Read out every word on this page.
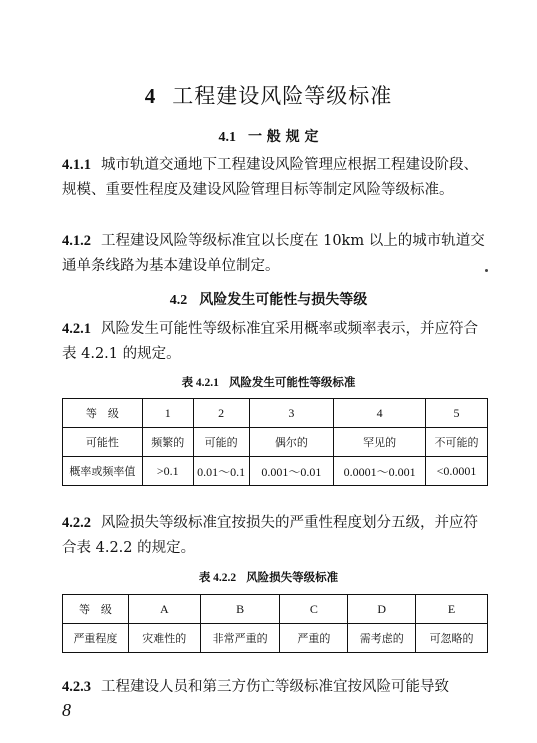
4 工程建设风险等级标准
4.1 一 般 规 定
4.1.1 城市轨道交通地下工程建设风险管理应根据工程建设阶段、规模、重要性程度及建设风险管理目标等制定风险等级标准。
4.1.2 工程建设风险等级标准宜以长度在 10km 以上的城市轨道交通单条线路为基本建设单位制定。
4.2 风险发生可能性与损失等级
4.2.1 风险发生可能性等级标准宜采用概率或频率表示，并应符合表 4.2.1 的规定。
表 4.2.1 风险发生可能性等级标准
等　级	1	2	3	4	5
可能性	频繁的	可能的	偶尔的	罕见的	不可能的
概率或频率值	>0.1	0.01～0.1	0.001～0.01	0.0001～0.001	<0.0001
4.2.2 风险损失等级标准宜按损失的严重性程度划分五级，并应符合表 4.2.2 的规定。
表 4.2.2 风险损失等级标准
等　级	A	B	C	D	E
严重程度	灾难性的	非常严重的	严重的	需考虑的	可忽略的
4.2.3 工程建设人员和第三方伤亡等级标准宜按风险可能导致
8
